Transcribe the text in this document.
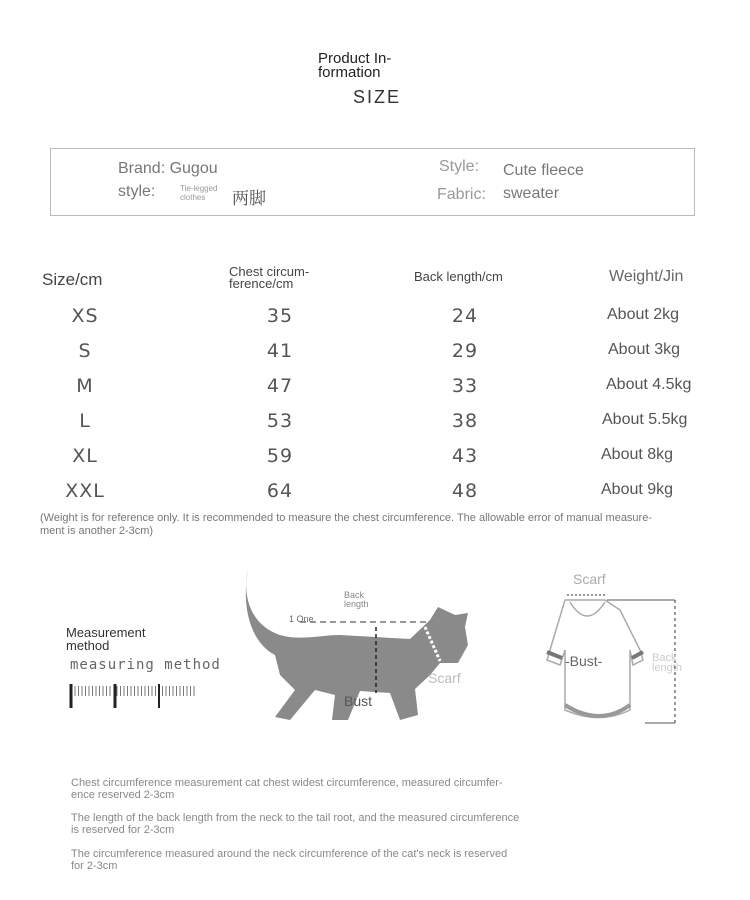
Product In-
formation
SIZE
Brand: Gugou
style:	Tie-legged clothes	两脚
Style: Cute fleece
Fabric: sweater
Size/cm	Chest circum-
ference/cm	Back length/cm	Weight/Jin
XS	35	24	About 2kg
S	41	29	About 3kg
M	47	33	About 4.5kg
L	53	38	About 5.5kg
XL	59	43	About 8kg
XXL	64	48	About 9kg
(Weight is for reference only. It is recommended to measure the chest circumference. The allowable error of manual measure-
ment is another 2-3cm)
Measurement
method
measuring method
Back
length
1 One
Bust
Scarf
Scarf
-Bust-	Back
length
Chest circumference measurement cat chest widest circumference, measured circumfer-
ence reserved 2-3cm
The length of the back length from the neck to the tail root, and the measured circumference
is reserved for 2-3cm
The circumference measured around the neck circumference of the cat's neck is reserved
for 2-3cm
